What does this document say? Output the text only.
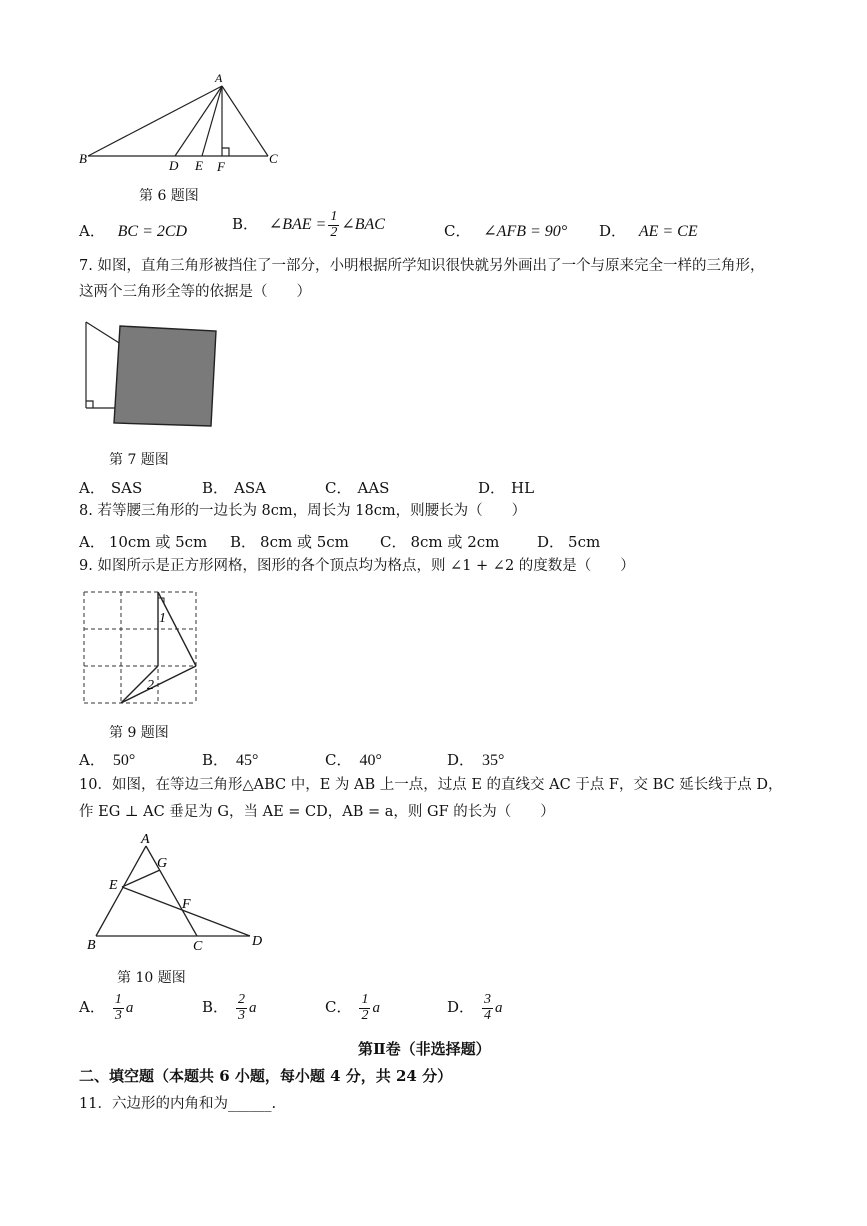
A
B	D E F
C
第 6 题图
A． BC = 2CD	B． ∠BAE = $\frac{1}{2}$ ∠BAC	C． ∠AFB = 90° D． AE = CE
7. 如图，直角三角形被挡住了一部分，小明根据所学知识很快就另外画出了一个与原来完全一样的三角形，
这两个三角形全等的依据是（　　）
第 7 题图
A． SAS	B． ASA	C． AAS	D． HL
8. 若等腰三角形的一边长为 8cm，周长为 18cm，则腰长为（　　）
A． 10cm 或 5cm B． 8cm 或 5cm C． 8cm 或 2cm	D． 5cm
9. 如图所示是正方形网格，图形的各个顶点均为格点，则 ∠1 + ∠2 的度数是（　　）
1
2
第 9 题图
A． 50°	B． 45°	C． 40°	D． 35°
10．如图，在等边三角形△ABC 中，E 为 AB 上一点，过点 E 的直线交 AC 于点 F，交 BC 延长线于点 D，
作 EG ⊥ AC 垂足为 G，当 AE = CD，AB = a，则 GF 的长为（　　）
A
G
E
F
B	C	D
第 10 题图
A． $\frac{1}{3}$ a	B． $\frac{2}{3}$ a	C． $\frac{1}{2}$ a	D． $\frac{3}{4}$ a
第Ⅱ卷（非选择题）
二、填空题（本题共 6 小题，每小题 4 分，共 24 分）
11．六边形的内角和为______.
